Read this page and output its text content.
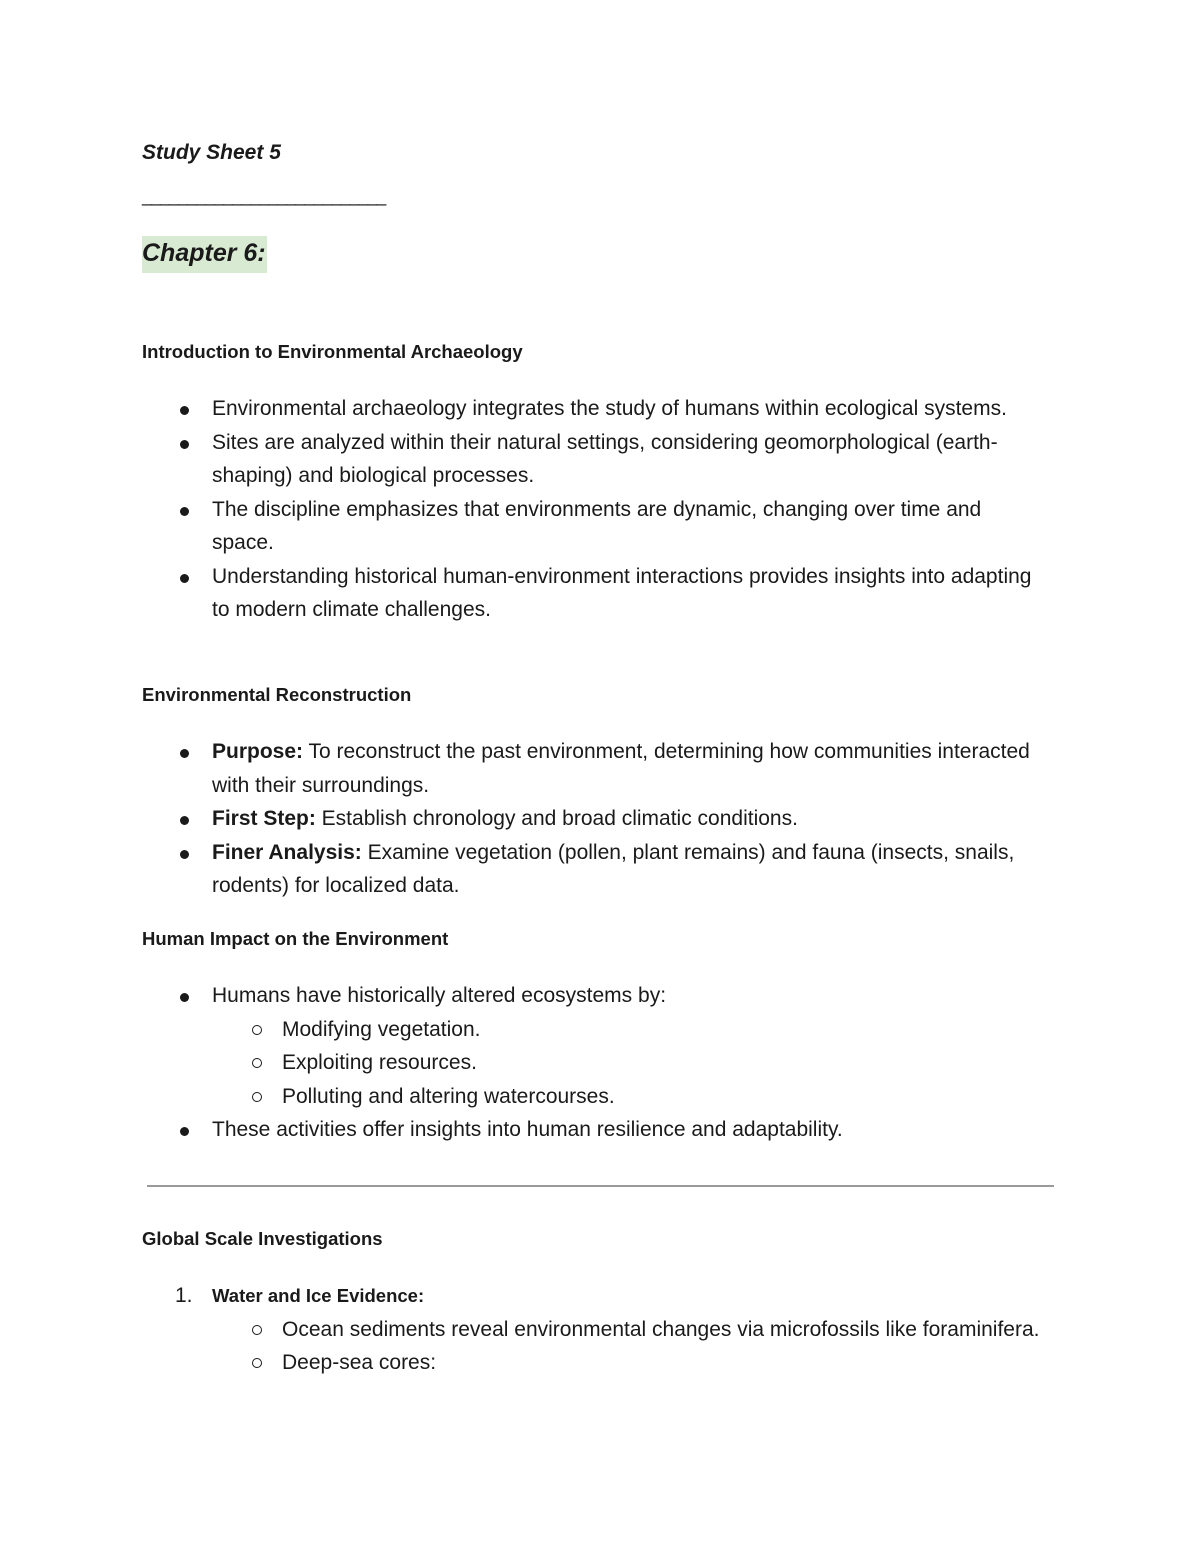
Study Sheet 5

___________________________

Chapter 6:
Introduction to Environmental Archaeology
Environmental archaeology integrates the study of humans within ecological systems.
Sites are analyzed within their natural settings, considering geomorphological (earth-shaping) and biological processes.
The discipline emphasizes that environments are dynamic, changing over time and space.
Understanding historical human-environment interactions provides insights into adapting to modern climate challenges.
Environmental Reconstruction
Purpose: To reconstruct the past environment, determining how communities interacted with their surroundings.
First Step: Establish chronology and broad climatic conditions.
Finer Analysis: Examine vegetation (pollen, plant remains) and fauna (insects, snails, rodents) for localized data.
Human Impact on the Environment
Humans have historically altered ecosystems by:
Modifying vegetation.
Exploiting resources.
Polluting and altering watercourses.
These activities offer insights into human resilience and adaptability.
Global Scale Investigations
1. Water and Ice Evidence:
Ocean sediments reveal environmental changes via microfossils like foraminifera.
Deep-sea cores:
